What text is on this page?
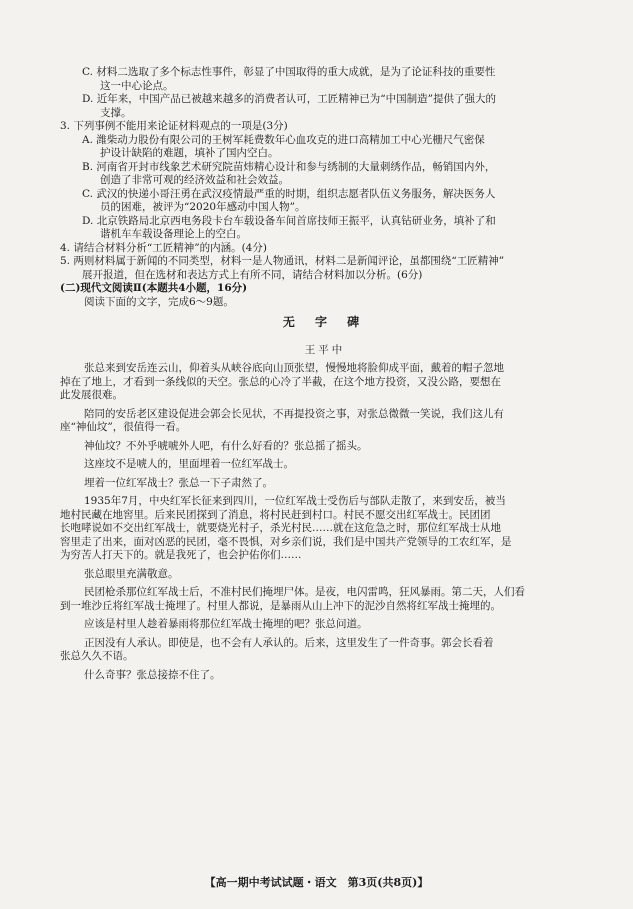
C. 材料二选取了多个标志性事件，彰显了中国取得的重大成就，是为了论证科技的重要性

这一中心论点。

D. 近年来，中国产品已被越来越多的消费者认可，工匠精神已为“中国制造”提供了强大的

支撑。

3. 下列事例不能用来论证材料观点的一项是(3分)

A. 潍柴动力股份有限公司的王树军耗费数年心血攻克的进口高精加工中心光栅尺气密保

护设计缺陷的难题，填补了国内空白。

B. 河南省开封市线象艺术研究院苗炜精心设计和参与绣制的大量刺绣作品，畅销国内外，

创造了非常可观的经济效益和社会效益。

C. 武汉的快递小哥汪勇在武汉疫情最严重的时期，组织志愿者队伍义务服务，解决医务人

员的困难，被评为“2020年感动中国人物”。

D. 北京铁路局北京西电务段卡台车载设备车间首席技师王振平，认真钻研业务，填补了和

谐机车车载设备理论上的空白。

4. 请结合材料分析“工匠精神”的内涵。(4分)

5. 两则材料属于新闻的不同类型，材料一是人物通讯，材料二是新闻评论，虽都围绕“工匠精神”

展开报道，但在选材和表达方式上有所不同，请结合材料加以分析。(6分)

(二)现代文阅读Ⅱ(本题共4小题，16分)

阅读下面的文字，完成6～9题。

无 字 碑

王平中

张总来到安岳连云山，仰着头从峡谷底向山顶张望，慢慢地将脸仰成平面，戴着的帽子忽地

掉在了地上，才看到一条线似的天空。张总的心冷了半截，在这个地方投资，又没公路，要想在

此发展很难。

陪同的安岳老区建设促进会郭会长见状，不再提投资之事，对张总微微一笑说，我们这儿有

座“神仙坟”，很值得一看。

神仙坟？不外乎唬唬外人吧，有什么好看的？张总摇了摇头。

这座坟不是唬人的，里面埋着一位红军战士。

埋着一位红军战士？张总一下子肃然了。

1935年7月，中央红军长征来到四川，一位红军战士受伤后与部队走散了，来到安岳，被当

地村民藏在地窖里。后来民团探到了消息，将村民赶到村口。村民不愿交出红军战士。民团团

长咆哮说如不交出红军战士，就要烧光村子，杀光村民……就在这危急之时，那位红军战士从地

窖里走了出来，面对凶恶的民团，毫不畏惧，对乡亲们说，我们是中国共产党领导的工农红军，是

为穷苦人打天下的。就是我死了，也会护佑你们……

张总眼里充满敬意。

民团枪杀那位红军战士后，不准村民们掩埋尸体。是夜，电闪雷鸣，狂风暴雨。第二天，人们看

到一堆沙丘将红军战士掩埋了。村里人都说，是暴雨从山上冲下的泥沙自然将红军战士掩埋的。

应该是村里人趁着暴雨将那位红军战士掩埋的吧？张总问道。

正因没有人承认。即使是，也不会有人承认的。后来，这里发生了一件奇事。郭会长看着

张总久久不语。

什么奇事？张总接捺不住了。

【高一期中考试试题・语文　第3页(共8页)】
